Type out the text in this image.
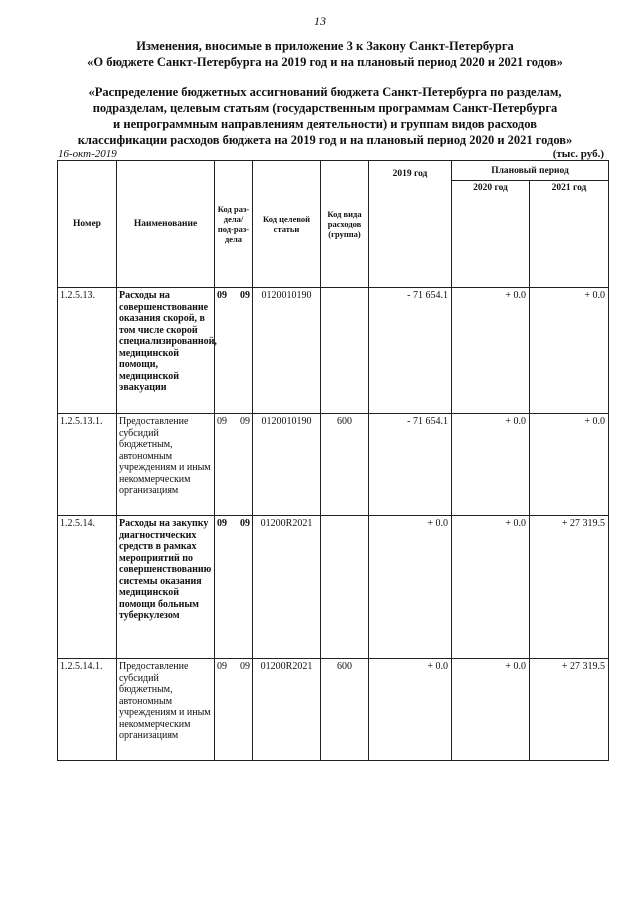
13
Изменения, вносимые в приложение 3 к Закону Санкт-Петербурга
«О бюджете Санкт-Петербурга на 2019 год и на плановый период 2020 и 2021 годов»
«Распределение бюджетных ассигнований бюджета Санкт-Петербурга по разделам,
подразделам, целевым статьям (государственным программам Санкт-Петербурга
и непрограммным направлениям деятельности) и группам видов расходов
классификации расходов бюджета на 2019 год и на плановый период 2020 и 2021 годов»
16-окт-2019	(тыс. руб.)
Номер	Наименование	Код раз-дела/ под-раз-дела	Код целевой статьи	Код вида расходов (группа)	2019 год	Плановый период	
						2020 год	2021 год
1.2.5.13.	Расходы на совершенствование оказания скорой, в том числе скорой специализированной, медицинской помощи, медицинской эвакуации	09 09	0120010190		- 71 654.1	+ 0.0	+ 0.0
1.2.5.13.1.	Предоставление субсидий бюджетным, автономным учреждениям и иным некоммерческим организациям	09 09	0120010190	600	- 71 654.1	+ 0.0	+ 0.0
1.2.5.14.	Расходы на закупку диагностических средств в рамках мероприятий по совершенствованию системы оказания медицинской помощи больным туберкулезом	09 09	01200R2021		+ 0.0	+ 0.0	+ 27 319.5
1.2.5.14.1.	Предоставление субсидий бюджетным, автономным учреждениям и иным некоммерческим организациям	09 09	01200R2021	600	+ 0.0	+ 0.0	+ 27 319.5
